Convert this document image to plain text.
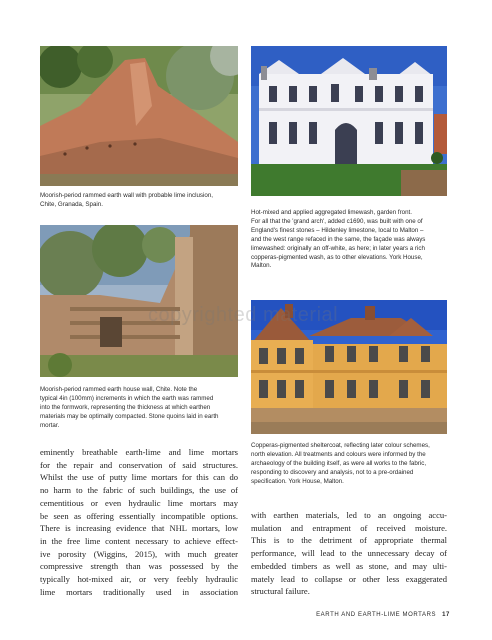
Moorish-period rammed earth wall with probable lime inclusion,
Chite, Granada, Spain.
Hot-mixed and applied aggregated limewash, garden front.
For all that the 'grand arch', added c1690, was built with one of
England's finest stones – Hildenley limestone, local to Malton –
and the west range refaced in the same, the façade was always
limewashed: originally an off-white, as here; in later years a rich
copperas-pigmented wash, as to other elevations. York House,
Malton.
Moorish-period rammed earth house wall, Chite. Note the
typical 4in (100mm) increments in which the earth was rammed
into the formwork, representing the thickness at which earthen
materials may be optimally compacted. Stone quoins laid in earth
mortar.
Copperas-pigmented sheltercoat, reflecting later colour schemes,
north elevation. All treatments and colours were informed by the
archaeology of the building itself, as were all works to the fabric,
responding to discovery and analysis, not to a pre-ordained
specification. York House, Malton.
copyrighted material
eminently breathable earth-lime and lime mortars
for the repair and conservation of said structures.
Whilst the use of putty lime mortars for this can do
no harm to the fabric of such buildings, the use of
cementitious or even hydraulic lime mortars may
be seen as offering essentially incompatible options.
There is increasing evidence that NHL mortars, low
in the free lime content necessary to achieve effect-
ive porosity (Wiggins, 2015), with much greater
compressive strength than was possessed by the
typically hot-mixed air, or very feebly hydraulic
lime mortars traditionally used in association
with earthen materials, led to an ongoing accu-
mulation and entrapment of received moisture.
This is to the detriment of appropriate thermal
performance, will lead to the unnecessary decay of
embedded timbers as well as stone, and may ulti-
mately lead to collapse or other less exaggerated
structural failure.
EARTH AND EARTH-LIME MORTARS 17
